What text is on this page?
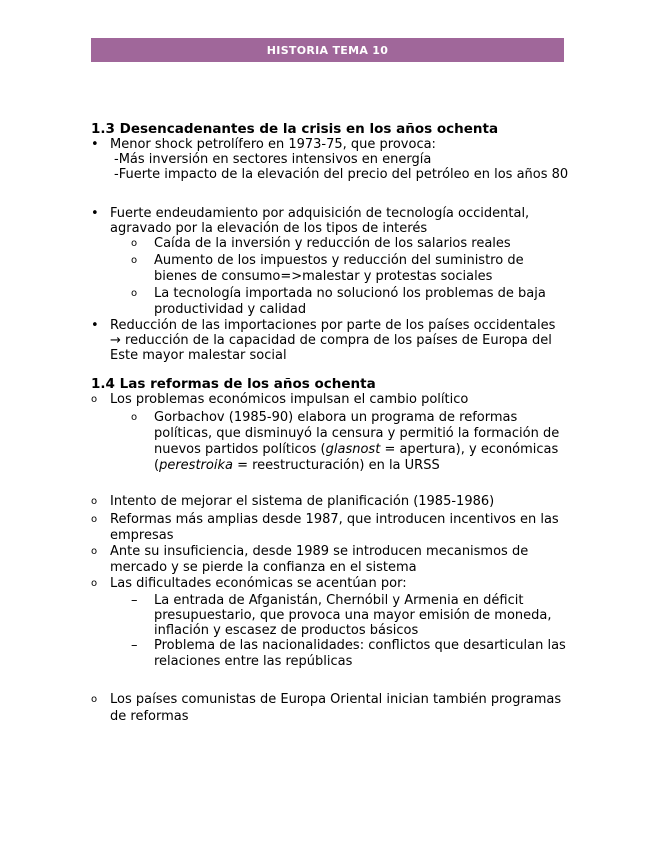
HISTORIA TEMA 10
1.3 Desencadenantes de la crisis en los años ochenta
• Menor shock petrolífero en 1973-75, que provoca:
-Más inversión en sectores intensivos en energía
-Fuerte impacto de la elevación del precio del petróleo en los años 80
• Fuerte endeudamiento por adquisición de tecnología occidental,
agravado por la elevación de los tipos de interés
o Caída de la inversión y reducción de los salarios reales
o Aumento de los impuestos y reducción del suministro de
bienes de consumo=>malestar y protestas sociales
o La tecnología importada no solucionó los problemas de baja
productividad y calidad
• Reducción de las importaciones por parte de los países occidentales
→ reducción de la capacidad de compra de los países de Europa del
Este mayor malestar social
1.4 Las reformas de los años ochenta
o Los problemas económicos impulsan el cambio político
o Gorbachov (1985-90) elabora un programa de reformas
políticas, que disminuyó la censura y permitió la formación de
nuevos partidos políticos (glasnost = apertura), y económicas
(perestroika = reestructuración) en la URSS
o Intento de mejorar el sistema de planificación (1985-1986)
o Reformas más amplias desde 1987, que introducen incentivos en las
empresas
o Ante su insuficiencia, desde 1989 se introducen mecanismos de
mercado y se pierde la confianza en el sistema
o Las dificultades económicas se acentúan por:
– La entrada de Afganistán, Chernóbil y Armenia en déficit
presupuestario, que provoca una mayor emisión de moneda,
inflación y escasez de productos básicos
– Problema de las nacionalidades: conflictos que desarticulan las
relaciones entre las repúblicas
o Los países comunistas de Europa Oriental inician también programas
de reformas
